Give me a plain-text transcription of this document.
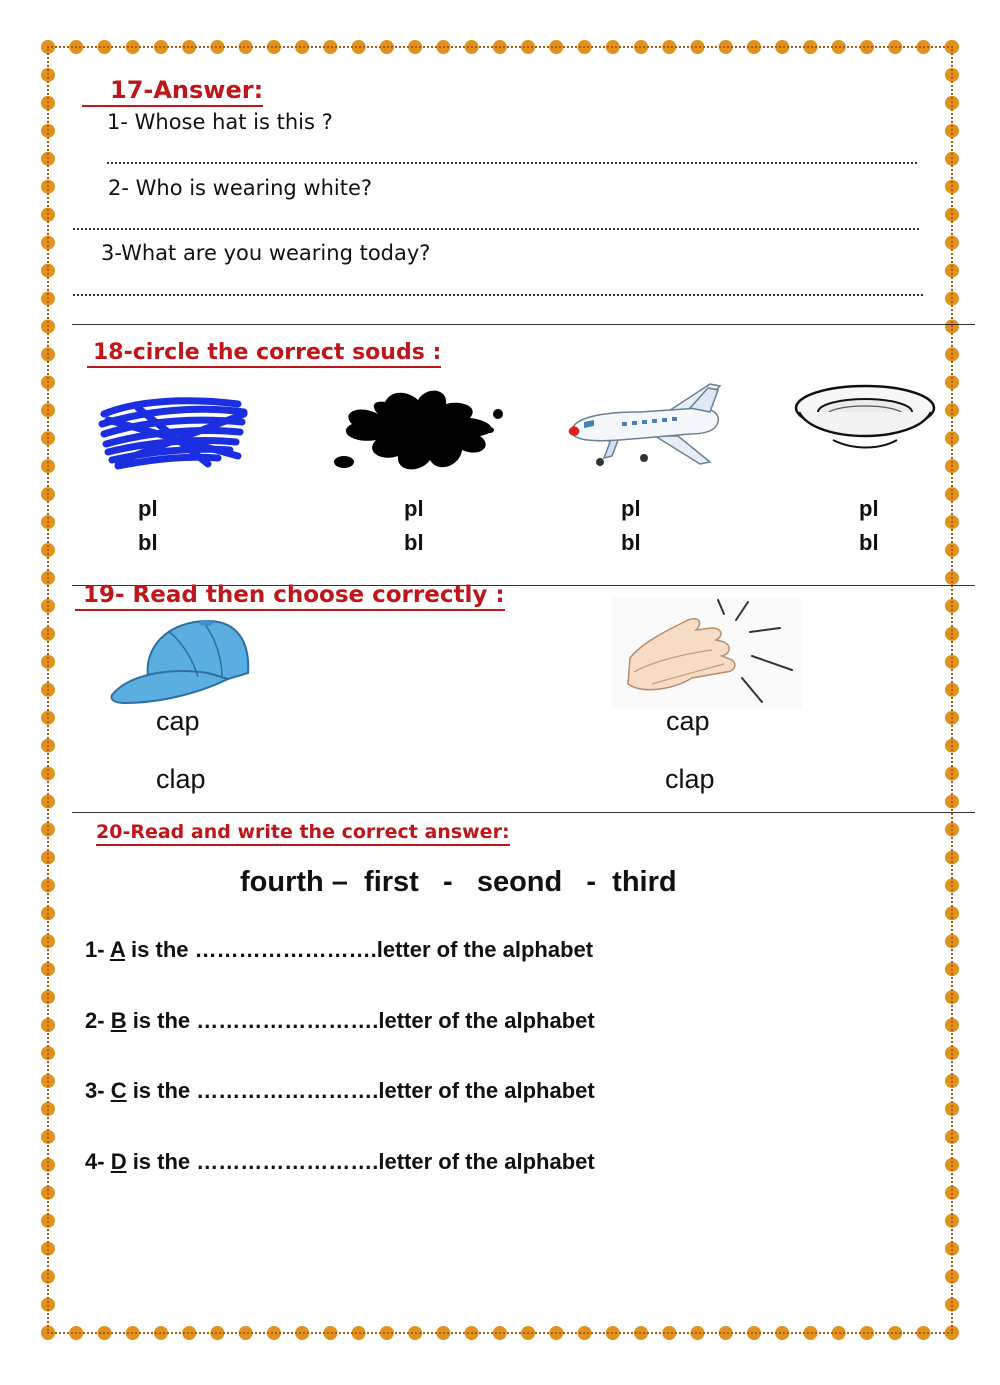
17-Answer:
1- Whose hat is this ?
2- Who is wearing white?
3-What are you wearing today?
18-circle the correct souds :
pl
bl
pl
bl
pl
bl
pl
bl
19- Read then choose correctly :
cap
clap
cap
clap
20-Read and write the correct answer:
fourth –  first   -   seond   -  third
1- A is the …………………….letter of the alphabet
2- B is the …………………….letter of the alphabet
3- C is the …………………….letter of the alphabet
4- D is the …………………….letter of the alphabet
